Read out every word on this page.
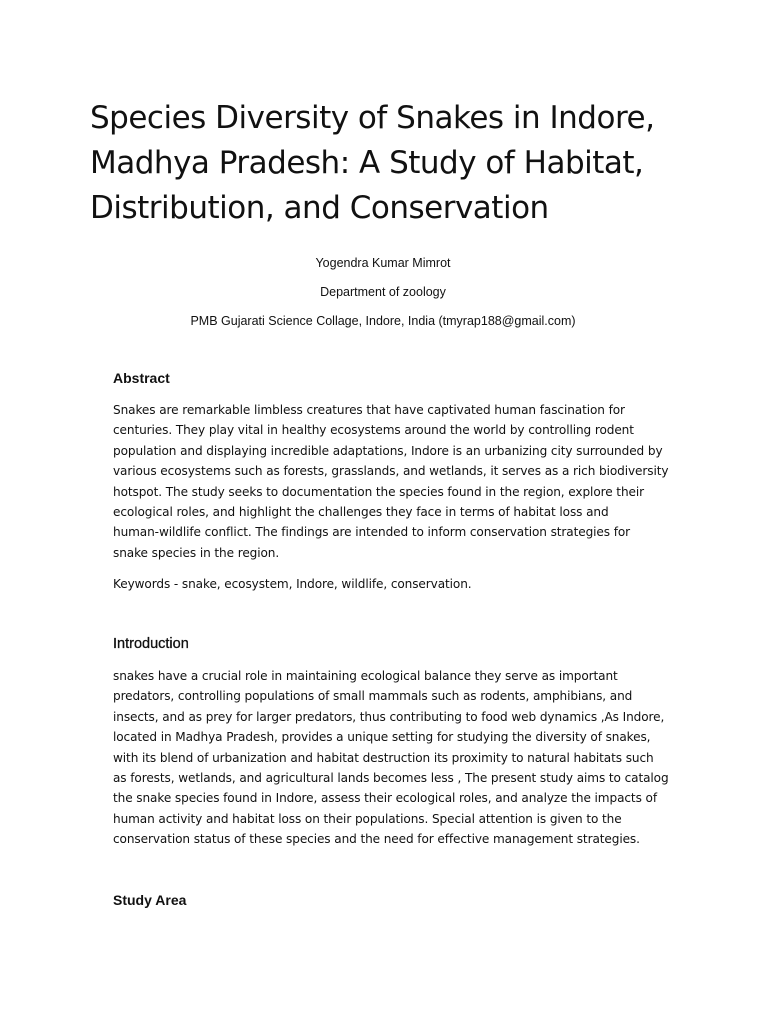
Species Diversity of Snakes in Indore,
Madhya Pradesh: A Study of Habitat,
Distribution, and Conservation
Yogendra Kumar Mimrot
Department of zoology
PMB Gujarati Science Collage, Indore, India (tmyrap188@gmail.com)
Abstract

Snakes are remarkable limbless creatures that have captivated human fascination for
centuries. They play vital in healthy ecosystems around the world by controlling rodent
population and displaying incredible adaptations, Indore is an urbanizing city surrounded by
various ecosystems such as forests, grasslands, and wetlands, it serves as a rich biodiversity
hotspot. The study seeks to documentation the species found in the region, explore their
ecological roles, and highlight the challenges they face in terms of habitat loss and
human-wildlife conflict. The findings are intended to inform conservation strategies for
snake species in the region.

Keywords - snake, ecosystem, Indore, wildlife, conservation.

Introduction

snakes have a crucial role in maintaining ecological balance they serve as important
predators, controlling populations of small mammals such as rodents, amphibians, and
insects, and as prey for larger predators, thus contributing to food web dynamics ,As Indore,
located in Madhya Pradesh, provides a unique setting for studying the diversity of snakes,
with its blend of urbanization and habitat destruction its proximity to natural habitats such
as forests, wetlands, and agricultural lands becomes less , The present study aims to catalog
the snake species found in Indore, assess their ecological roles, and analyze the impacts of
human activity and habitat loss on their populations. Special attention is given to the
conservation status of these species and the need for effective management strategies.

Study Area
